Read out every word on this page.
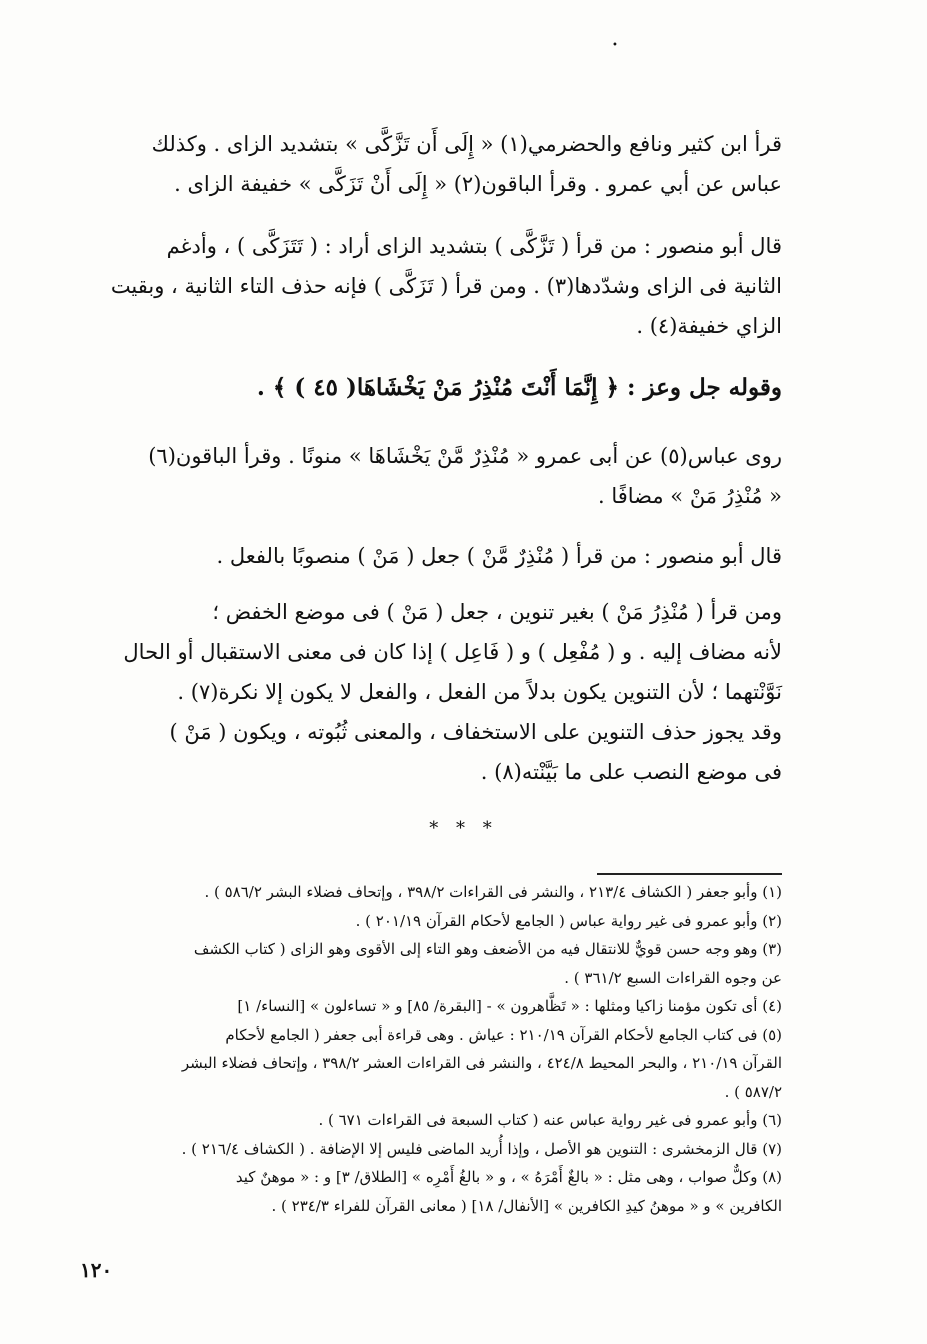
•
قرأ ابن كثير ونافع والحضرمي(١) « إِلَى أَن تَزَّكَّى » بتشديد الزاى . وكذلك
عباس عن أبي عمرو . وقرأ الباقون(٢) « إِلَى أَنْ تَزَكَّى » خفيفة الزاى .
قال أبو منصور : من قرأ ( تَزَّكَّى ) بتشديد الزاى أراد : ( تَتَزَكَّى ) ، وأدغم
الثانية فى الزاى وشدّدها(٣) . ومن قرأ ( تَزَكَّى ) فإنه حذف التاء الثانية ، وبقيت
الزاي خفيفة(٤) .
وقوله جل وعز : ﴿ إِنَّمَا أَنْتَ مُنْذِرُ مَنْ يَخْشَاهَا( ٤٥ ) ﴾ .
روى عباس(٥) عن أبى عمرو « مُنْذِرٌ مَّنْ يَخْشَاهَا » منونًا . وقرأ الباقون(٦)
« مُنْذِرُ مَنْ » مضافًا .
قال أبو منصور : من قرأ ( مُنْذِرٌ مَّنْ ) جعل ( مَنْ ) منصوبًا بالفعل .
ومن قرأ ( مُنْذِرُ مَنْ ) بغير تنوين ، جعل ( مَنْ ) فى موضع الخفض ؛
لأنه مضاف إليه . و ( مُفْعِل ) و ( فَاعِل ) إذا كان فى معنى الاستقبال أو الحال
نَوَّنْتهما ؛ لأن التنوين يكون بدلاً من الفعل ، والفعل لا يكون إلا نكرة(٧) .
وقد يجوز حذف التنوين على الاستخفاف ، والمعنى ثُبُوته ، ويكون ( مَنْ )
فى موضع النصب على ما بَيَّنْته(٨) .
* * *
(١) وأبو جعفر ( الكشاف ٢١٣/٤ ، والنشر فى القراءات ٣٩٨/٢ ، وإتحاف فضلاء البشر ٥٨٦/٢ ) .
(٢) وأبو عمرو فى غير رواية عباس ( الجامع لأحكام القرآن ٢٠١/١٩ ) .
(٣) وهو وجه حسن قويٌّ للانتقال فيه من الأضعف وهو التاء إلى الأقوى وهو الزاى ( كتاب الكشف
عن وجوه القراءات السبع ٣٦١/٢ ) .
(٤) أى تكون مؤمنا زاكيا ومثلها : « تَظَّاهرون » - [البقرة/ ٨٥] و « تساءلون » [النساء/ ١]
(٥) فى كتاب الجامع لأحكام القرآن ٢١٠/١٩ : عياش . وهى قراءة أبى جعفر ( الجامع لأحكام
القرآن ٢١٠/١٩ ، والبحر المحيط ٤٢٤/٨ ، والنشر فى القراءات العشر ٣٩٨/٢ ، وإتحاف فضلاء البشر
٥٨٧/٢ ) .
(٦) وأبو عمرو فى غير رواية عباس عنه ( كتاب السبعة فى القراءات ٦٧١ ) .
(٧) قال الزمخشرى : التنوين هو الأصل ، وإذا أُريد الماضى فليس إلا الإضافة . ( الكشاف ٢١٦/٤ ) .
(٨) وكلٌّ صواب ، وهى مثل : « بالغٌ أَمْرَهُ » ، و « بالغُ أَمْرِه » [الطلاق/ ٣] و : « موهنٌ كيد
الكافرين » و « موهنُ كيدِ الكافرين » [الأنفال/ ١٨] ( معانى القرآن للفراء ٢٣٤/٣ ) .
١٢٠
